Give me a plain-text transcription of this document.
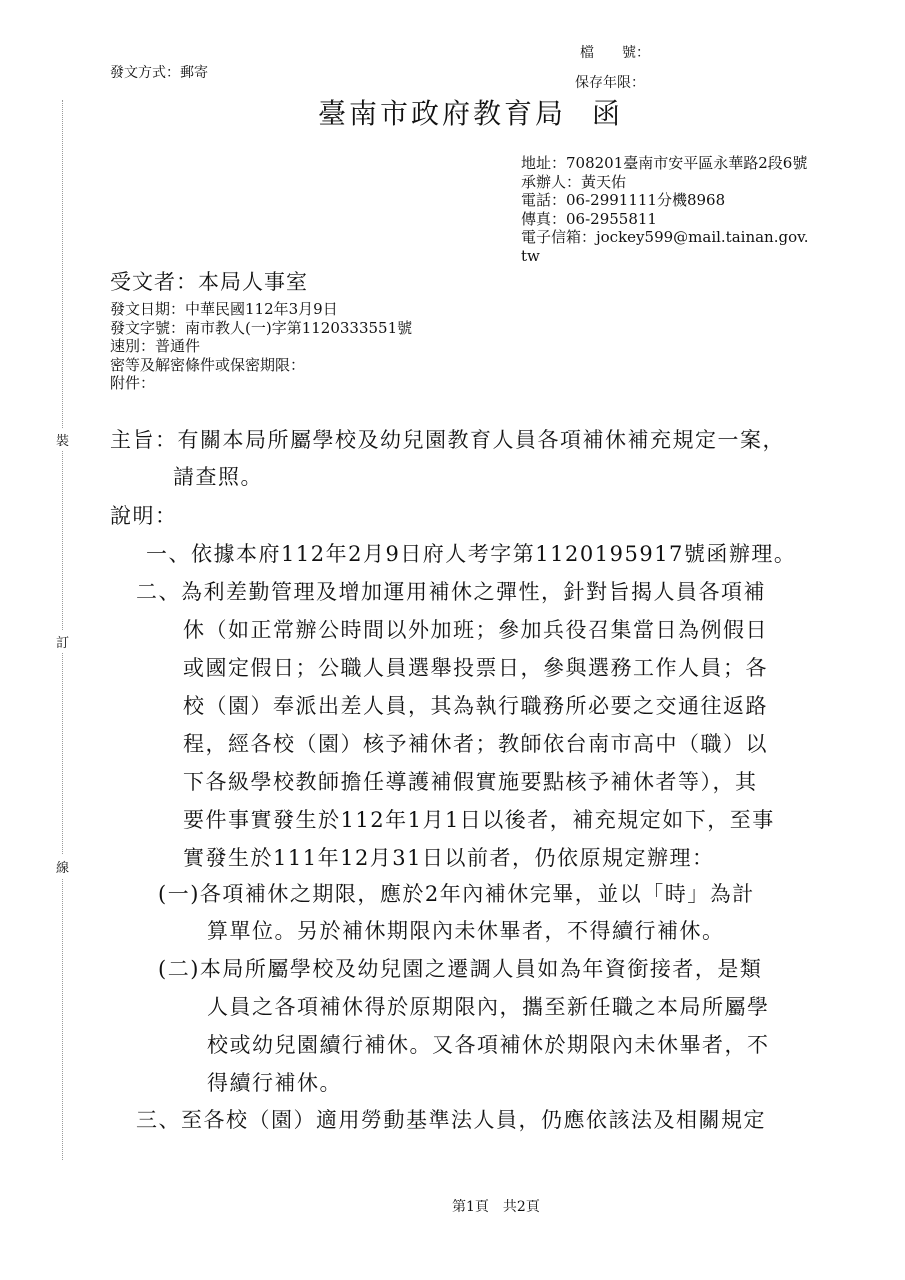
裝
訂
線
發文方式：郵寄
檔　　號：
保存年限：
臺南市政府教育局 函
地址：708201臺南市安平區永華路2段6號
承辦人：黃天佑
電話：06-2991111分機8968
傳真：06-2955811
電子信箱：jockey599@mail.tainan.gov.
tw
受文者：本局人事室
發文日期：中華民國112年3月9日
發文字號：南市教人(一)字第1120333551號
速別：普通件
密等及解密條件或保密期限：
附件：
主旨：有關本局所屬學校及幼兒園教育人員各項補休補充規定一案，
請查照。
說明：
一、依據本府112年2月9日府人考字第1120195917號函辦理。
二、為利差勤管理及增加運用補休之彈性，針對旨揭人員各項補
休（如正常辦公時間以外加班；參加兵役召集當日為例假日
或國定假日；公職人員選舉投票日，參與選務工作人員；各
校（園）奉派出差人員，其為執行職務所必要之交通往返路
程，經各校（園）核予補休者；教師依台南市高中（職）以
下各級學校教師擔任導護補假實施要點核予補休者等），其
要件事實發生於112年1月1日以後者，補充規定如下，至事
實發生於111年12月31日以前者，仍依原規定辦理：
(一)各項補休之期限，應於2年內補休完畢，並以「時」為計
算單位。另於補休期限內未休畢者，不得續行補休。
(二)本局所屬學校及幼兒園之遷調人員如為年資銜接者，是類
人員之各項補休得於原期限內，攜至新任職之本局所屬學
校或幼兒園續行補休。又各項補休於期限內未休畢者，不
得續行補休。
三、至各校（園）適用勞動基準法人員，仍應依該法及相關規定
第1頁　共2頁
